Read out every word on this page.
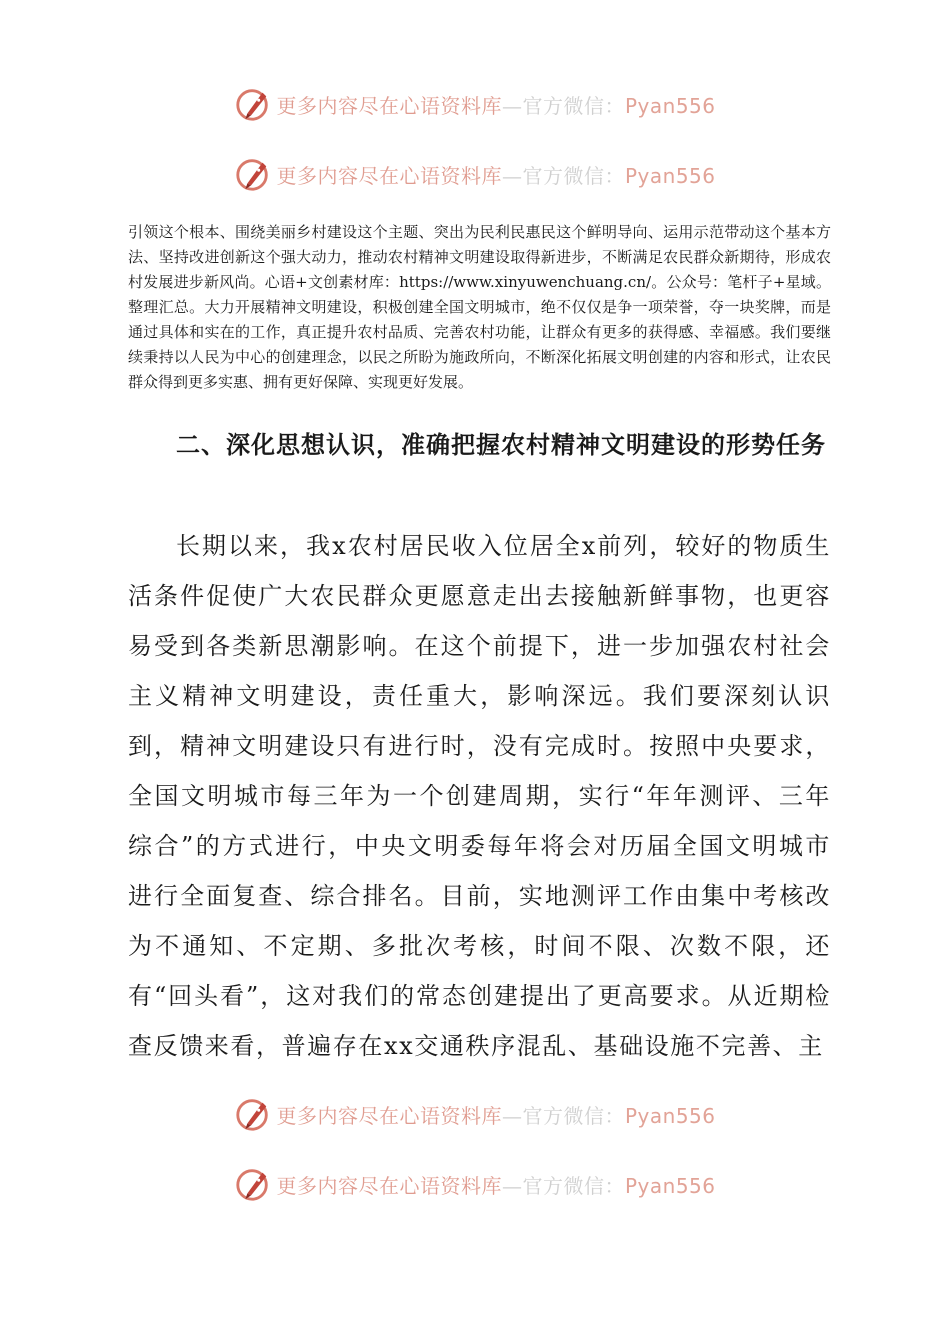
更多内容尽在心语资料库—官方微信：Pyan556
更多内容尽在心语资料库—官方微信：Pyan556

引领这个根本、围绕美丽乡村建设这个主题、突出为民利民惠民这个鲜明导向、运用示范带动这个基本方法、坚持改进创新这个强大动力，推动农村精神文明建设取得新进步，不断满足农民群众新期待，形成农村发展进步新风尚。心语+文创素材库：https://www.xinyuwenchuang.cn/。公众号：笔杆子+星域。整理汇总。大力开展精神文明建设，积极创建全国文明城市，绝不仅仅是争一项荣誉，夺一块奖牌，而是通过具体和实在的工作，真正提升农村品质、完善农村功能，让群众有更多的获得感、幸福感。我们要继续秉持以人民为中心的创建理念，以民之所盼为施政所向，不断深化拓展文明创建的内容和形式，让农民群众得到更多实惠、拥有更好保障、实现更好发展。

二、深化思想认识，准确把握农村精神文明建设的形势任务

长期以来，我x农村居民收入位居全x前列，较好的物质生活条件促使广大农民群众更愿意走出去接触新鲜事物，也更容易受到各类新思潮影响。在这个前提下，进一步加强农村社会主义精神文明建设，责任重大，影响深远。我们要深刻认识到，精神文明建设只有进行时，没有完成时。按照中央要求，全国文明城市每三年为一个创建周期，实行“年年测评、三年综合”的方式进行，中央文明委每年将会对历届全国文明城市进行全面复查、综合排名。目前，实地测评工作由集中考核改为不通知、不定期、多批次考核，时间不限、次数不限，还有“回头看”，这对我们的常态创建提出了更高要求。从近期检查反馈来看，普遍存在xx交通秩序混乱、基础设施不完善、主

更多内容尽在心语资料库—官方微信：Pyan556
更多内容尽在心语资料库—官方微信：Pyan556
